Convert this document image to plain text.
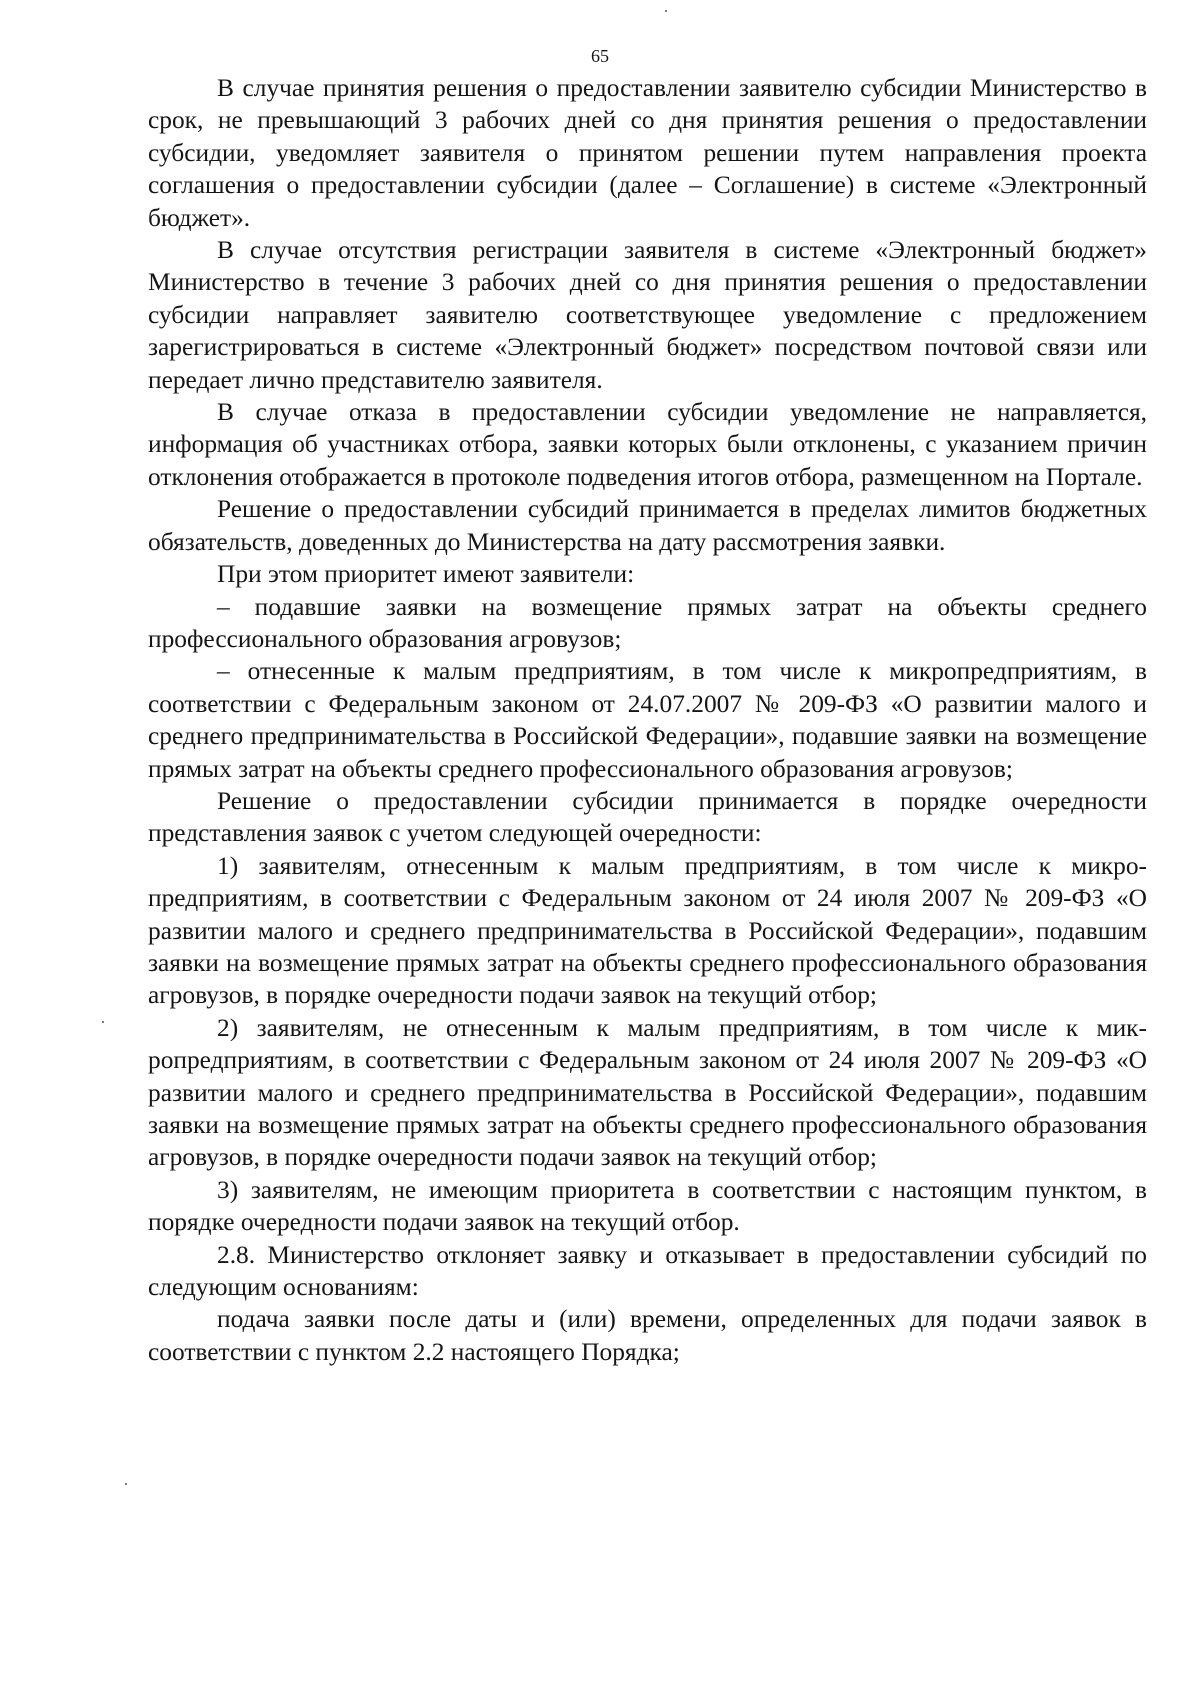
65

В случае принятия решения о предоставлении заявителю субсидии Министерство в срок, не превышающий 3 рабочих дней со дня принятия решения о предоставлении субсидии, уведомляет заявителя о принятом решении путем направления проекта соглашения о предоставлении субсидии (далее – Соглашение) в системе «Электронный бюджет».

В случае отсутствия регистрации заявителя в системе «Электронный бюджет» Министерство в течение 3 рабочих дней со дня принятия решения о предоставлении субсидии направляет заявителю соответствующее уведомление с предложением зарегистрироваться в системе «Электронный бюджет» посредством почтовой связи или передает лично представителю заявителя.

В случае отказа в предоставлении субсидии уведомление не направляется, информация об участниках отбора, заявки которых были отклонены, с указанием причин отклонения отображается в протоколе подведения итогов отбора, размещенном на Портале.

Решение о предоставлении субсидий принимается в пределах лимитов бюджетных обязательств, доведенных до Министерства на дату рассмотрения заявки.

При этом приоритет имеют заявители:

– подавшие заявки на возмещение прямых затрат на объекты среднего профессионального образования агровузов;

– отнесенные к малым предприятиям, в том числе к микропредприятиям, в соответствии с Федеральным законом от 24.07.2007 № 209-ФЗ «О развитии малого и среднего предпринимательства в Российской Федерации», подавшие заявки на возмещение прямых затрат на объекты среднего профессионального образования агровузов;

Решение о предоставлении субсидии принимается в порядке очередности представления заявок с учетом следующей очередности:

1) заявителям, отнесенным к малым предприятиям, в том числе к микропредприятиям, в соответствии с Федеральным законом от 24 июля 2007 № 209-ФЗ «О развитии малого и среднего предпринимательства в Российской Федерации», подавшим заявки на возмещение прямых затрат на объекты среднего профессионального образования агровузов, в порядке очередности подачи заявок на текущий отбор;

2) заявителям, не отнесенным к малым предприятиям, в том числе к микропредприятиям, в соответствии с Федеральным законом от 24 июля 2007 № 209-ФЗ «О развитии малого и среднего предпринимательства в Российской Федерации», подавшим заявки на возмещение прямых затрат на объекты среднего профессионального образования агровузов, в порядке очередности подачи заявок на текущий отбор;

3) заявителям, не имеющим приоритета в соответствии с настоящим пунктом, в порядке очередности подачи заявок на текущий отбор.

2.8. Министерство отклоняет заявку и отказывает в предоставлении субсидий по следующим основаниям:

подача заявки после даты и (или) времени, определенных для подачи заявок в соответствии с пунктом 2.2 настоящего Порядка;
